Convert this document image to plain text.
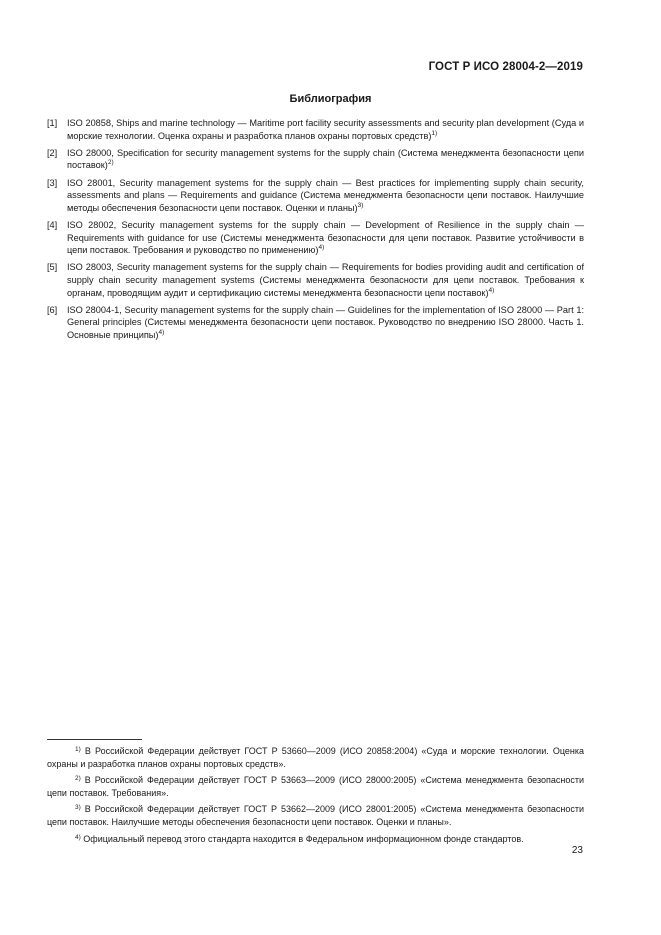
ГОСТ Р ИСО 28004-2—2019
Библиография
[1]	ISO 20858, Ships and marine technology — Maritime port facility security assessments and security plan development (Суда и морские технологии. Оценка охраны и разработка планов охраны портовых средств)$^{1)}$
[2]	ISO 28000, Specification for security management systems for the supply chain (Система менеджмента безопасности цепи поставок)$^{2)}$
[3]	ISO 28001, Security management systems for the supply chain — Best practices for implementing supply chain security, assessments and plans — Requirements and guidance (Система менеджмента безопасности цепи поставок. Наилучшие методы обеспечения безопасности цепи поставок. Оценки и планы)$^{3)}$
[4]	ISO 28002, Security management systems for the supply chain — Development of Resilience in the supply chain — Requirements with guidance for use (Системы менеджмента безопасности для цепи поставок. Развитие устойчивости в цепи поставок. Требования и руководство по применению)$^{4)}$
[5]	ISO 28003, Security management systems for the supply chain — Requirements for bodies providing audit and certification of supply chain security management systems (Системы менеджмента безопасности для цепи поставок. Требования к органам, проводящим аудит и сертификацию системы менеджмента безопасности цепи поставок)$^{4)}$
[6]	ISO 28004-1, Security management systems for the supply chain — Guidelines for the implementation of ISO 28000 — Part 1: General principles (Системы менеджмента безопасности цепи поставок. Руководство по внедрению ISO 28000. Часть 1. Основные принципы)$^{4)}$
$^{1)}$ В Российской Федерации действует ГОСТ Р 53660—2009 (ИСО 20858:2004) «Суда и морские технологии. Оценка охраны и разработка планов охраны портовых средств».
$^{2)}$ В Российской Федерации действует ГОСТ Р 53663—2009 (ИСО 28000:2005) «Система менеджмента безопасности цепи поставок. Требования».
$^{3)}$ В Российской Федерации действует ГОСТ Р 53662—2009 (ИСО 28001:2005) «Система менеджмента безопасности цепи поставок. Наилучшие методы обеспечения безопасности цепи поставок. Оценки и планы».
$^{4)}$ Официальный перевод этого стандарта находится в Федеральном информационном фонде стандартов.
23
